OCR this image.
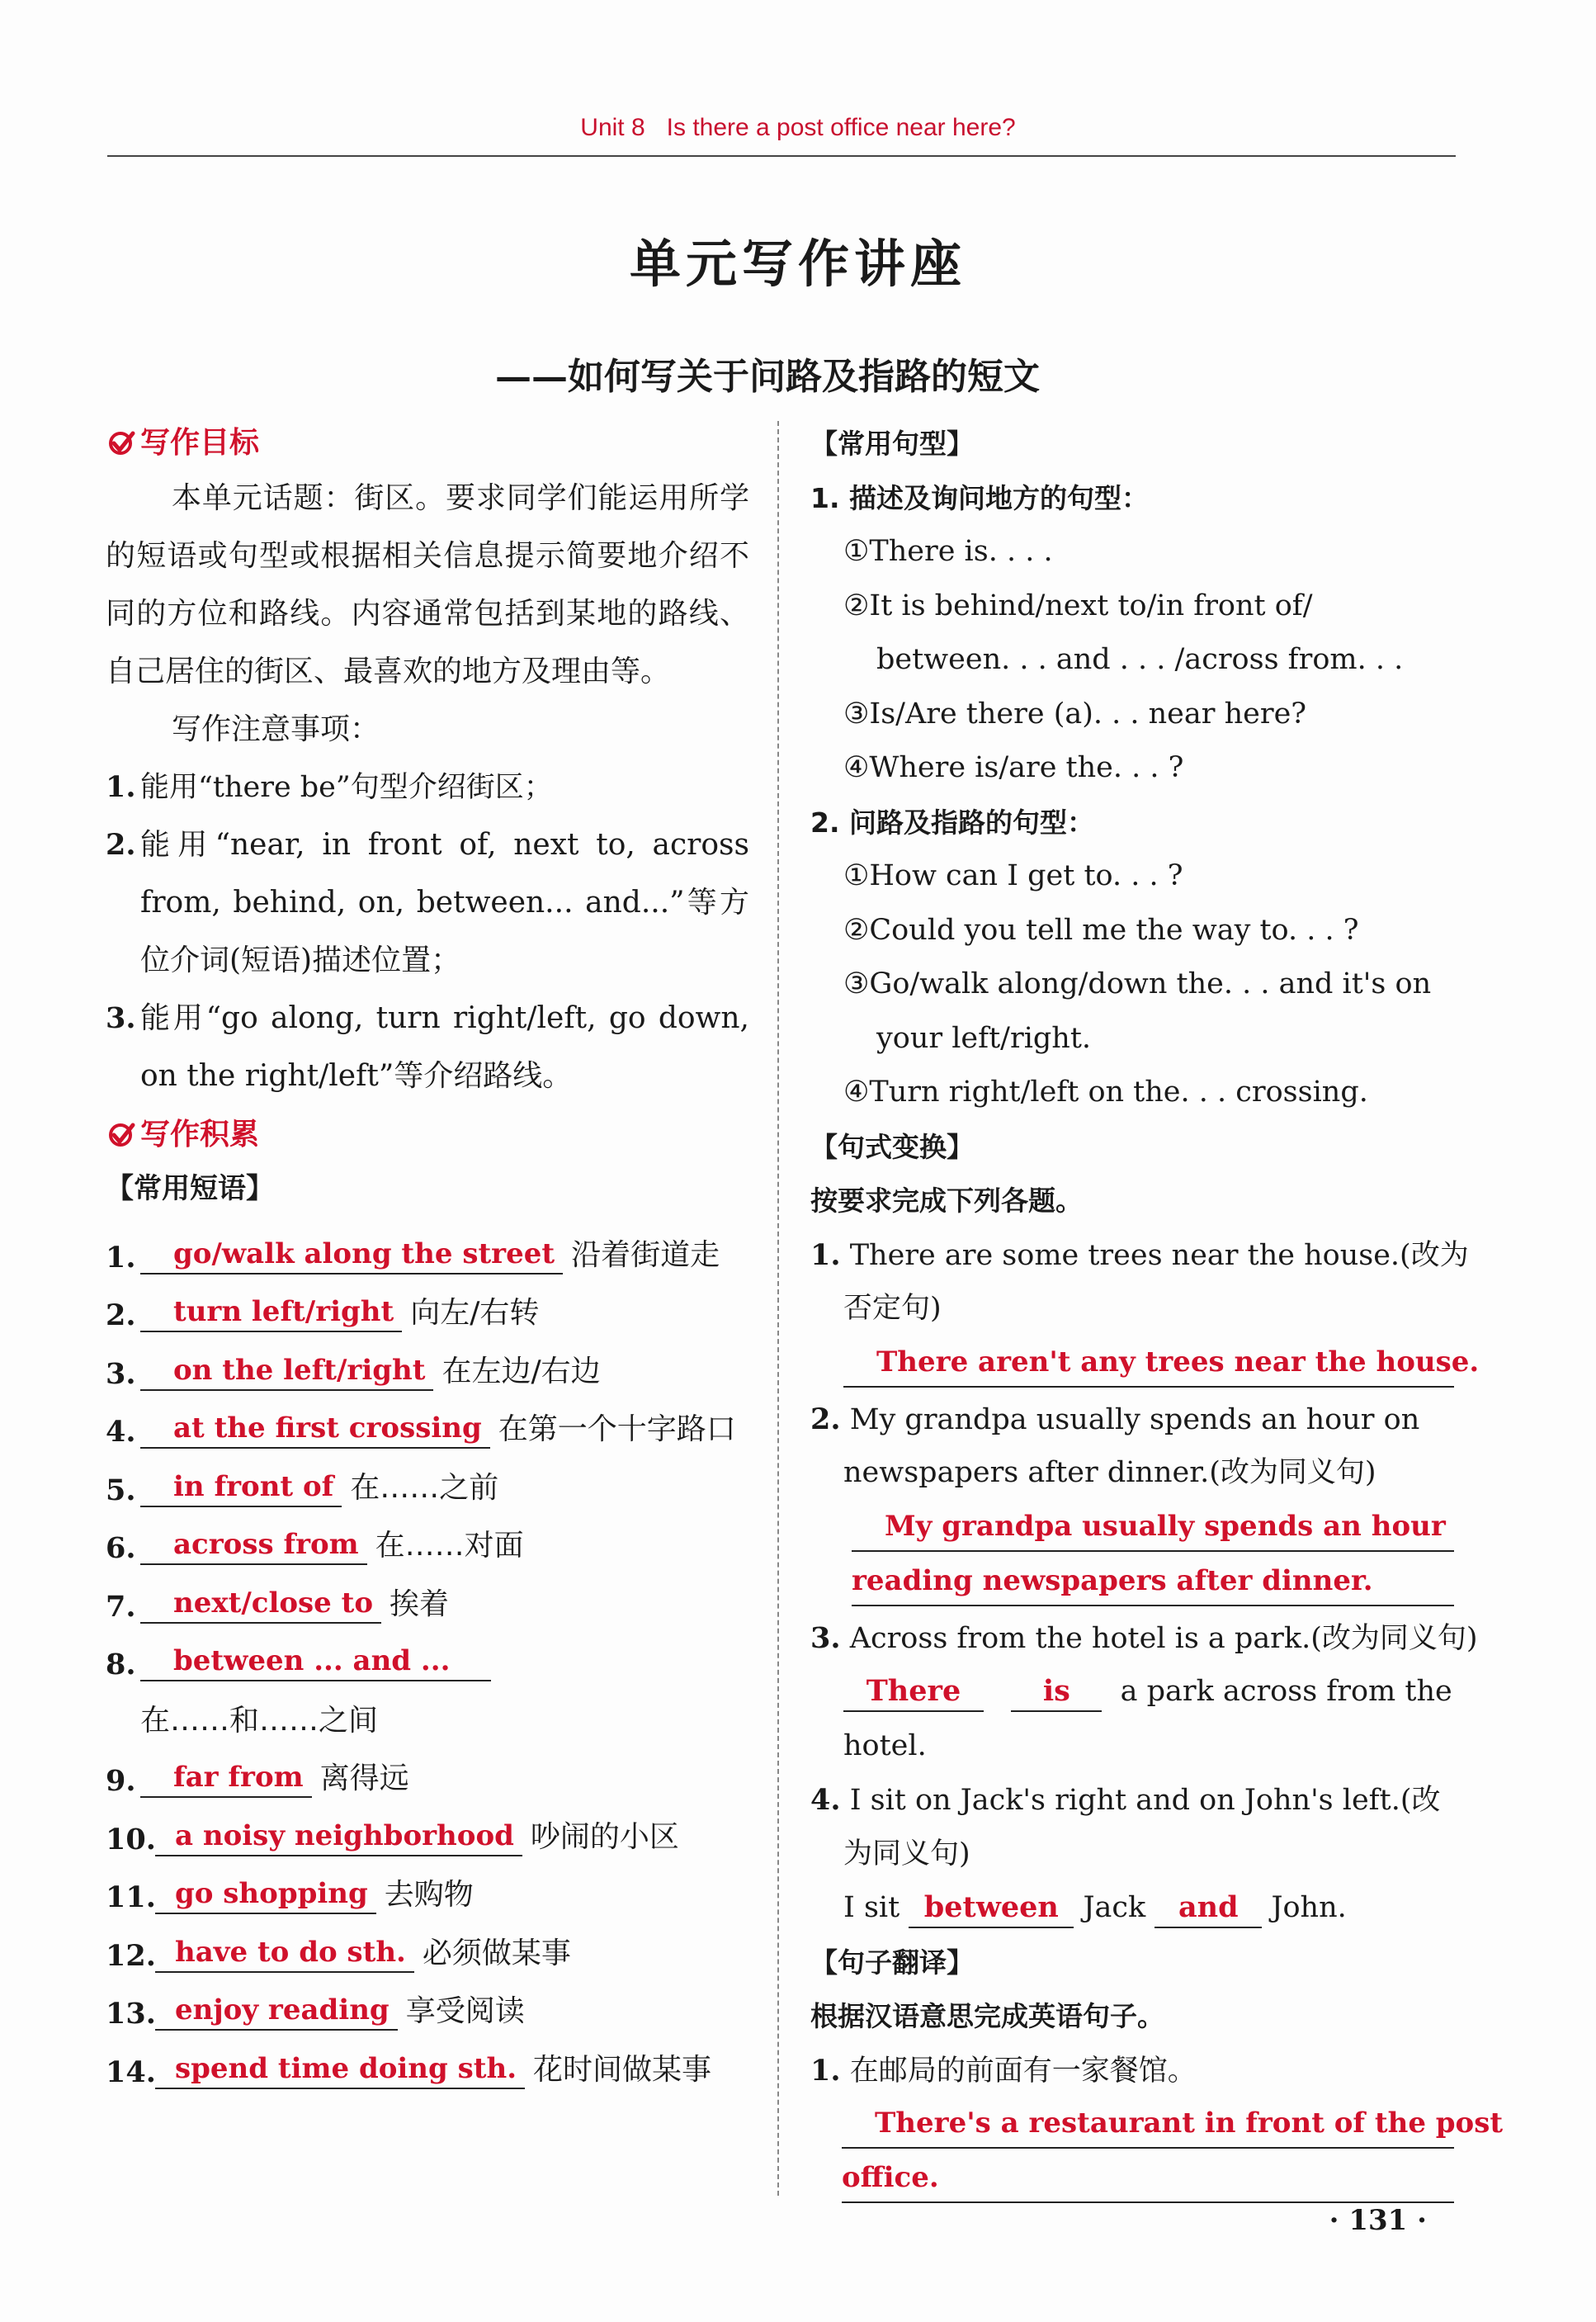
Unit 8 Is there a post office near here?
单元写作讲座
——如何写关于问路及指路的短文
写作目标
本单元话题：街区。要求同学们能运用所学的短语或句型或根据相关信息提示简要地介绍不同的方位和路线。内容通常包括到某地的路线、自己居住的街区、最喜欢的地方及理由等。
写作注意事项：
1. 能用“there be”句型介绍街区；
2. 能用“near, in front of, next to, across from, behind, on, between... and...”等方位介词(短语)描述位置；
3. 能用“go along, turn right/left, go down, on the right/left”等介绍路线。
写作积累
【常用短语】
1.	go/walk along the street 沿着街道走
2.	turn left/right 向左/右转
3.	on the left/right 在左边/右边
4.	at the first crossing 在第一个十字路口
5.	in front of 在……之前
6.	across from 在……对面
7.	next/close to 挨着
8.	between ... and ...
在……和……之间
9.	far from 离得远
10. a noisy neighborhood 吵闹的小区
11. go shopping 去购物
12. have to do sth. 必须做某事
13. enjoy reading 享受阅读
14. spend time doing sth. 花时间做某事
【常用句型】
1. 描述及询问地方的句型：
①There is. . . .
②It is behind/next to/in front of/
between. . . and . . . /across from. . .
③Is/Are there (a). . . near here?
④Where is/are the. . . ?
2. 问路及指路的句型：
①How can I get to. . . ?
②Could you tell me the way to. . . ?
③Go/walk along/down the. . . and it's on
your left/right.
④Turn right/left on the. . . crossing.
【句式变换】
按要求完成下列各题。
1. There are some trees near the house.(改为
否定句)
There aren't any trees near the house.
2. My grandpa usually spends an hour on
newspapers after dinner.(改为同义句)
My grandpa usually spends an hour
reading newspapers after dinner.
3. Across from the hotel is a park.(改为同义句)
There	is a park across from the
hotel.
4. I sit on Jack's right and on John's left.(改
为同义句)
I sit between Jack and John.
【句子翻译】
根据汉语意思完成英语句子。
1. 在邮局的前面有一家餐馆。
There's a restaurant in front of the post
office.
· 131 ·
